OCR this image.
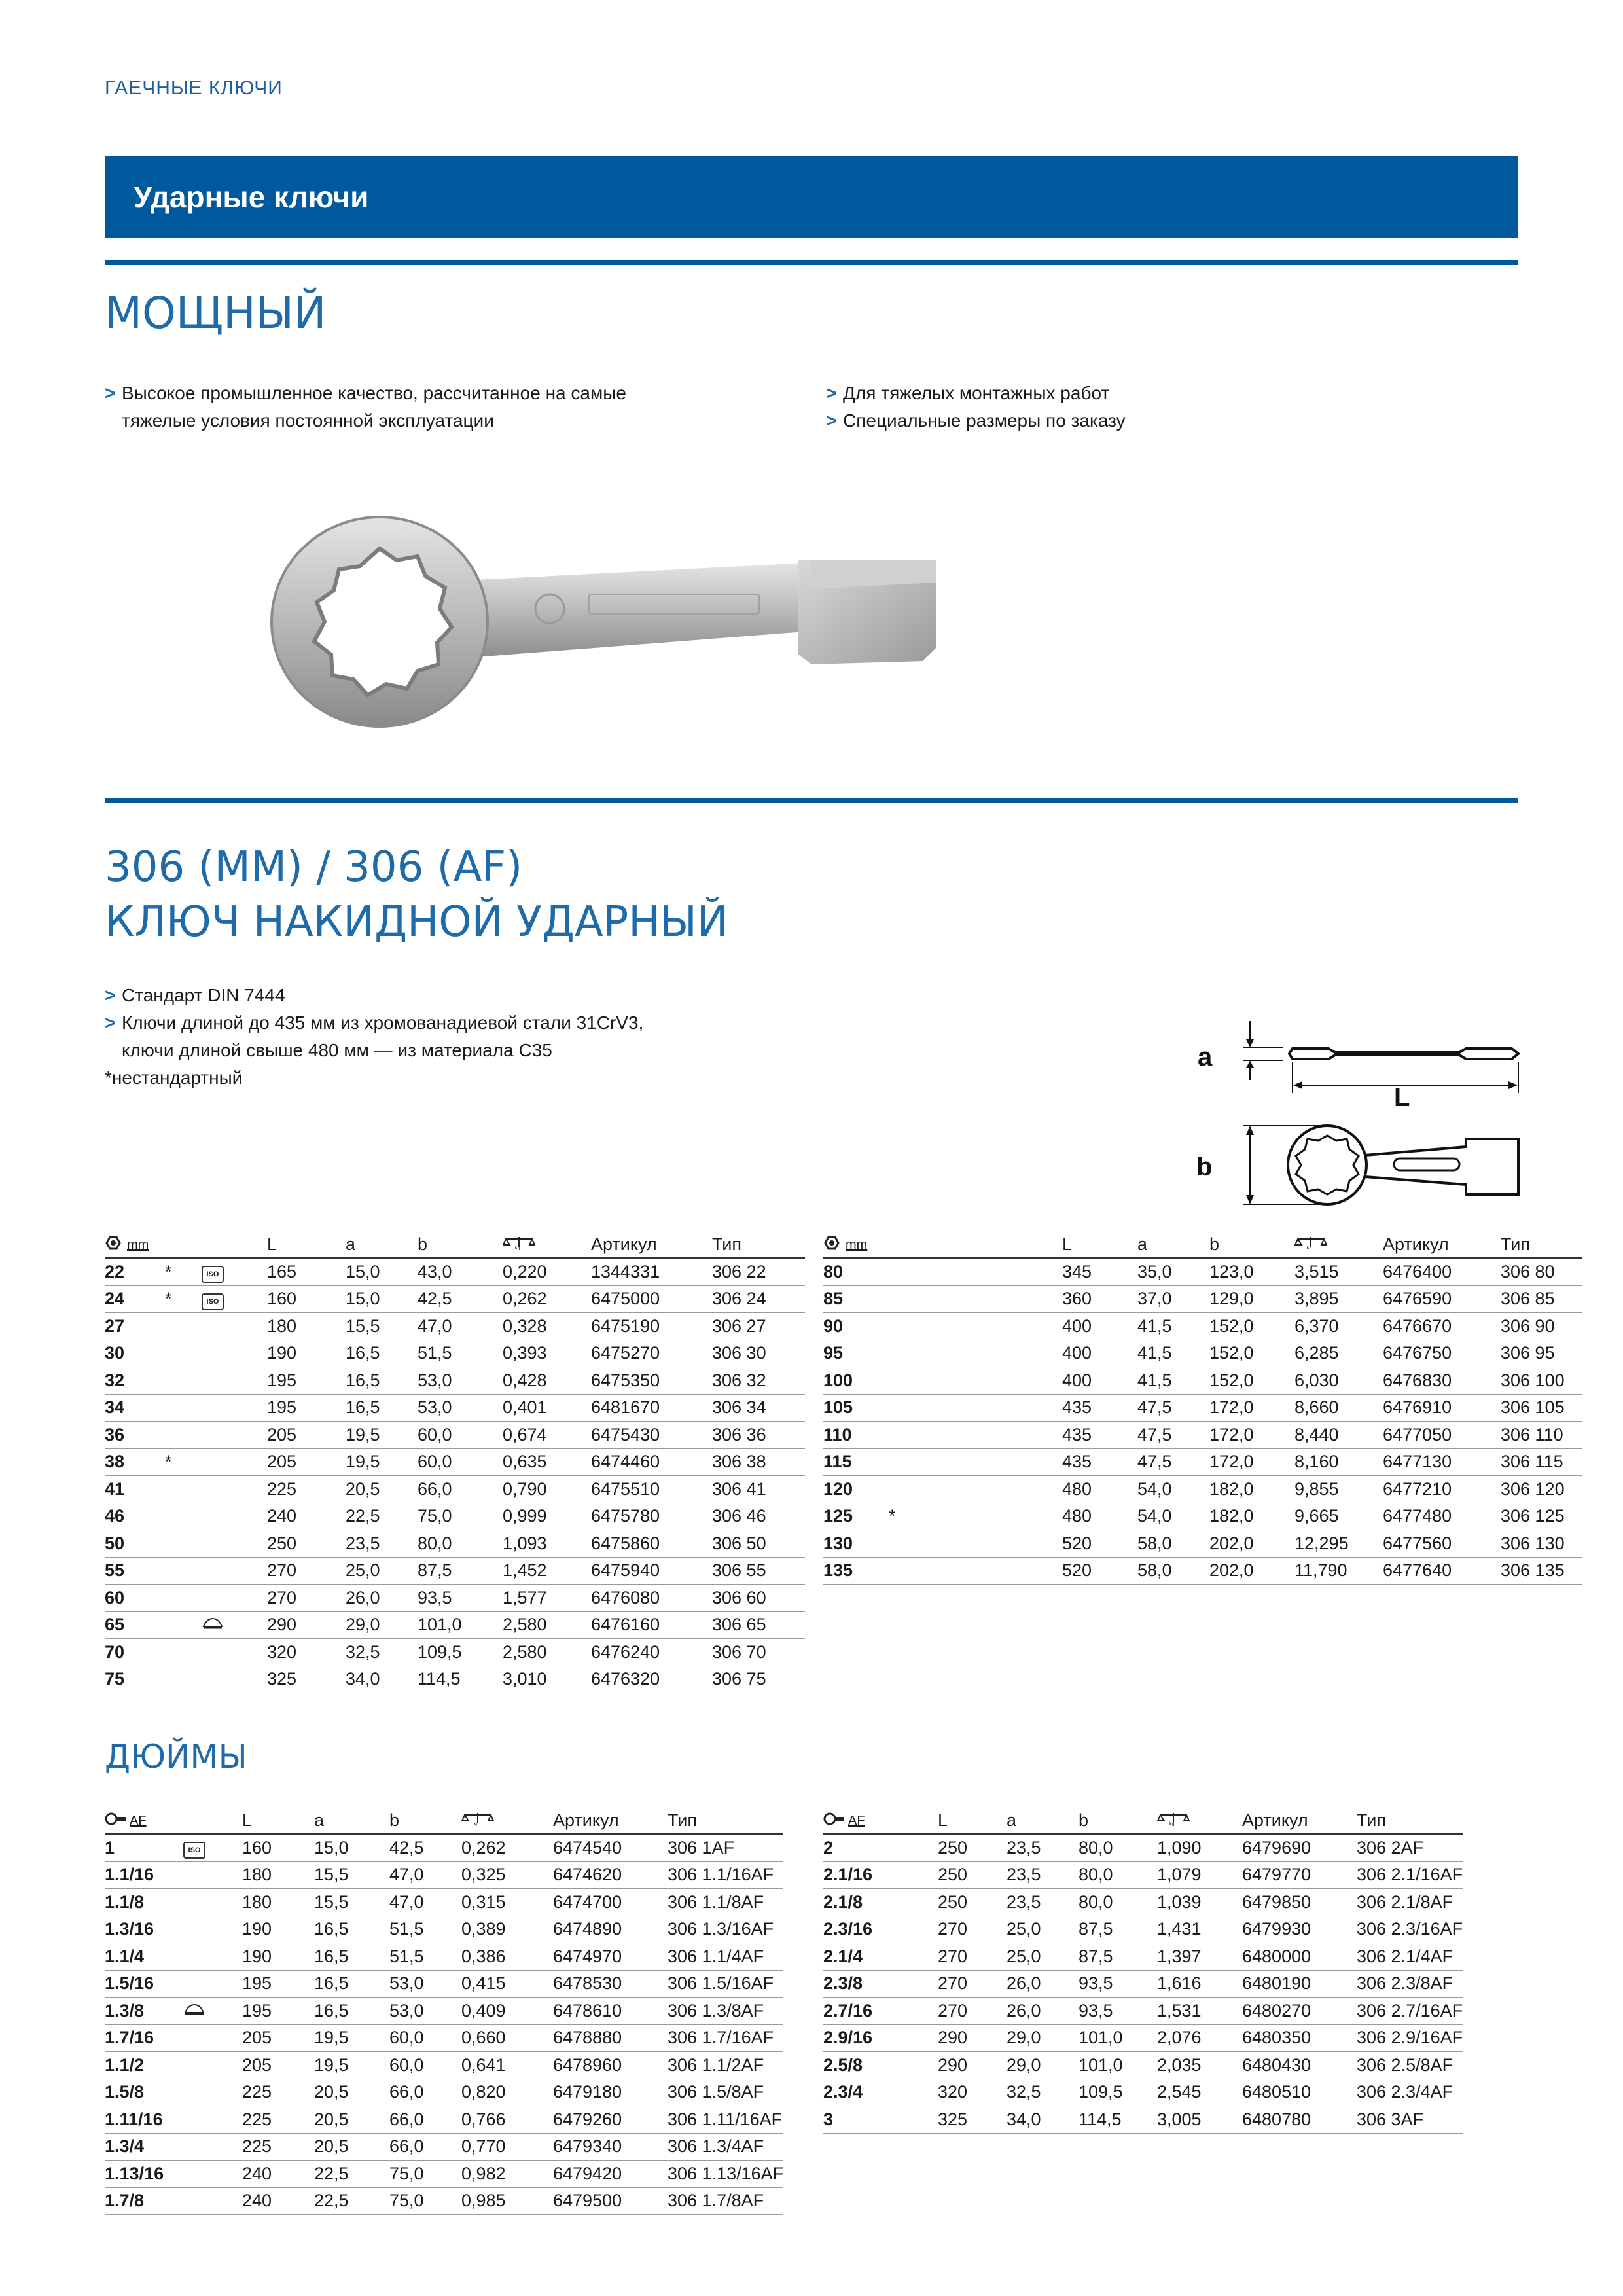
ГАЕЧНЫЕ КЛЮЧИ
Ударные ключи
МОЩНЫЙ
> Высокое промышленное качество, рассчитанное на самые
тяжелые условия постоянной эксплуатации
> Для тяжелых монтажных работ
> Специальные размеры по заказу
306 (MM) / 306 (AF)
КЛЮЧ НАКИДНОЙ УДАРНЫЙ
> Стандарт DIN 7444
> Ключи длиной до 435 мм из хромованадиевой стали 31CrV3,
ключи длиной свыше 480 мм — из материала C35
*нестандартный
a
L
b
mm			L	a	b	kg	Артикул	Тип
22	*	ISO	165	15,0	43,0	0,220	1344331	306 22
24	*	ISO	160	15,0	42,5	0,262	6475000	306 24
27			180	15,5	47,0	0,328	6475190	306 27
30			190	16,5	51,5	0,393	6475270	306 30
32			195	16,5	53,0	0,428	6475350	306 32
34			195	16,5	53,0	0,401	6481670	306 34
36			205	19,5	60,0	0,674	6475430	306 36
38	*		205	19,5	60,0	0,635	6474460	306 38
41			225	20,5	66,0	0,790	6475510	306 41
46			240	22,5	75,0	0,999	6475780	306 46
50			250	23,5	80,0	1,093	6475860	306 50
55			270	25,0	87,5	1,452	6475940	306 55
60			270	26,0	93,5	1,577	6476080	306 60
65			290	29,0	101,0	2,580	6476160	306 65
70			320	32,5	109,5	2,580	6476240	306 70
75			325	34,0	114,5	3,010	6476320	306 75
mm			L	a	b	kg	Артикул	Тип
80			345	35,0	123,0	3,515	6476400	306 80
85			360	37,0	129,0	3,895	6476590	306 85
90			400	41,5	152,0	6,370	6476670	306 90
95			400	41,5	152,0	6,285	6476750	306 95
100			400	41,5	152,0	6,030	6476830	306 100
105			435	47,5	172,0	8,660	6476910	306 105
110			435	47,5	172,0	8,440	6477050	306 110
115			435	47,5	172,0	8,160	6477130	306 115
120			480	54,0	182,0	9,855	6477210	306 120
125	*		480	54,0	182,0	9,665	6477480	306 125
130			520	58,0	202,0	12,295	6477560	306 130
135			520	58,0	202,0	11,790	6477640	306 135
AF			L	a	b	kg	Артикул	Тип
1		ISO	160	15,0	42,5	0,262	6474540	306 1AF
1.1/16			180	15,5	47,0	0,325	6474620	306 1.1/16AF
1.1/8			180	15,5	47,0	0,315	6474700	306 1.1/8AF
1.3/16			190	16,5	51,5	0,389	6474890	306 1.3/16AF
1.1/4			190	16,5	51,5	0,386	6474970	306 1.1/4AF
1.5/16			195	16,5	53,0	0,415	6478530	306 1.5/16AF
1.3/8			195	16,5	53,0	0,409	6478610	306 1.3/8AF
1.7/16			205	19,5	60,0	0,660	6478880	306 1.7/16AF
1.1/2			205	19,5	60,0	0,641	6478960	306 1.1/2AF
1.5/8			225	20,5	66,0	0,820	6479180	306 1.5/8AF
1.11/16			225	20,5	66,0	0,766	6479260	306 1.11/16AF
1.3/4			225	20,5	66,0	0,770	6479340	306 1.3/4AF
1.13/16			240	22,5	75,0	0,982	6479420	306 1.13/16AF
1.7/8			240	22,5	75,0	0,985	6479500	306 1.7/8AF
AF			L	a	b	kg	Артикул	Тип
2			250	23,5	80,0	1,090	6479690	306 2AF
2.1/16			250	23,5	80,0	1,079	6479770	306 2.1/16AF
2.1/8			250	23,5	80,0	1,039	6479850	306 2.1/8AF
2.3/16			270	25,0	87,5	1,431	6479930	306 2.3/16AF
2.1/4			270	25,0	87,5	1,397	6480000	306 2.1/4AF
2.3/8			270	26,0	93,5	1,616	6480190	306 2.3/8AF
2.7/16			270	26,0	93,5	1,531	6480270	306 2.7/16AF
2.9/16			290	29,0	101,0	2,076	6480350	306 2.9/16AF
2.5/8			290	29,0	101,0	2,035	6480430	306 2.5/8AF
2.3/4			320	32,5	109,5	2,545	6480510	306 2.3/4AF
3			325	34,0	114,5	3,005	6480780	306 3AF
ДЮЙМЫ
